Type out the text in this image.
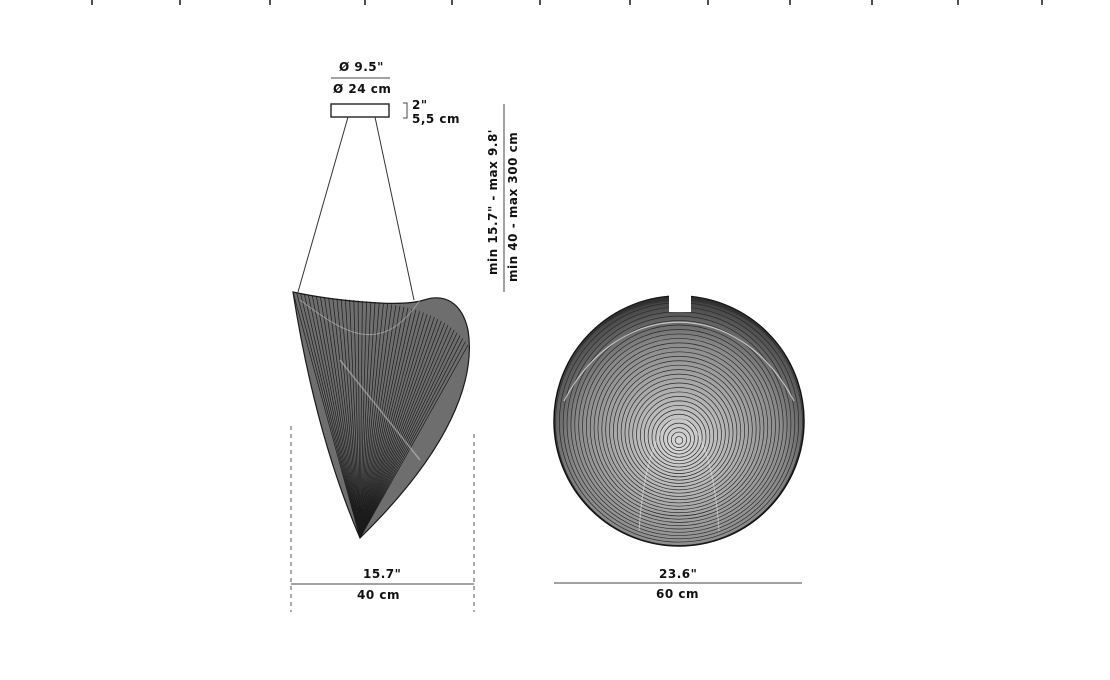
Ø 9.5"
Ø 24 cm
2"
5,5 cm
min 15.7" - max 9.8' min 40 - max 300 cm
15.7"
40 cm
23.6"
60 cm
